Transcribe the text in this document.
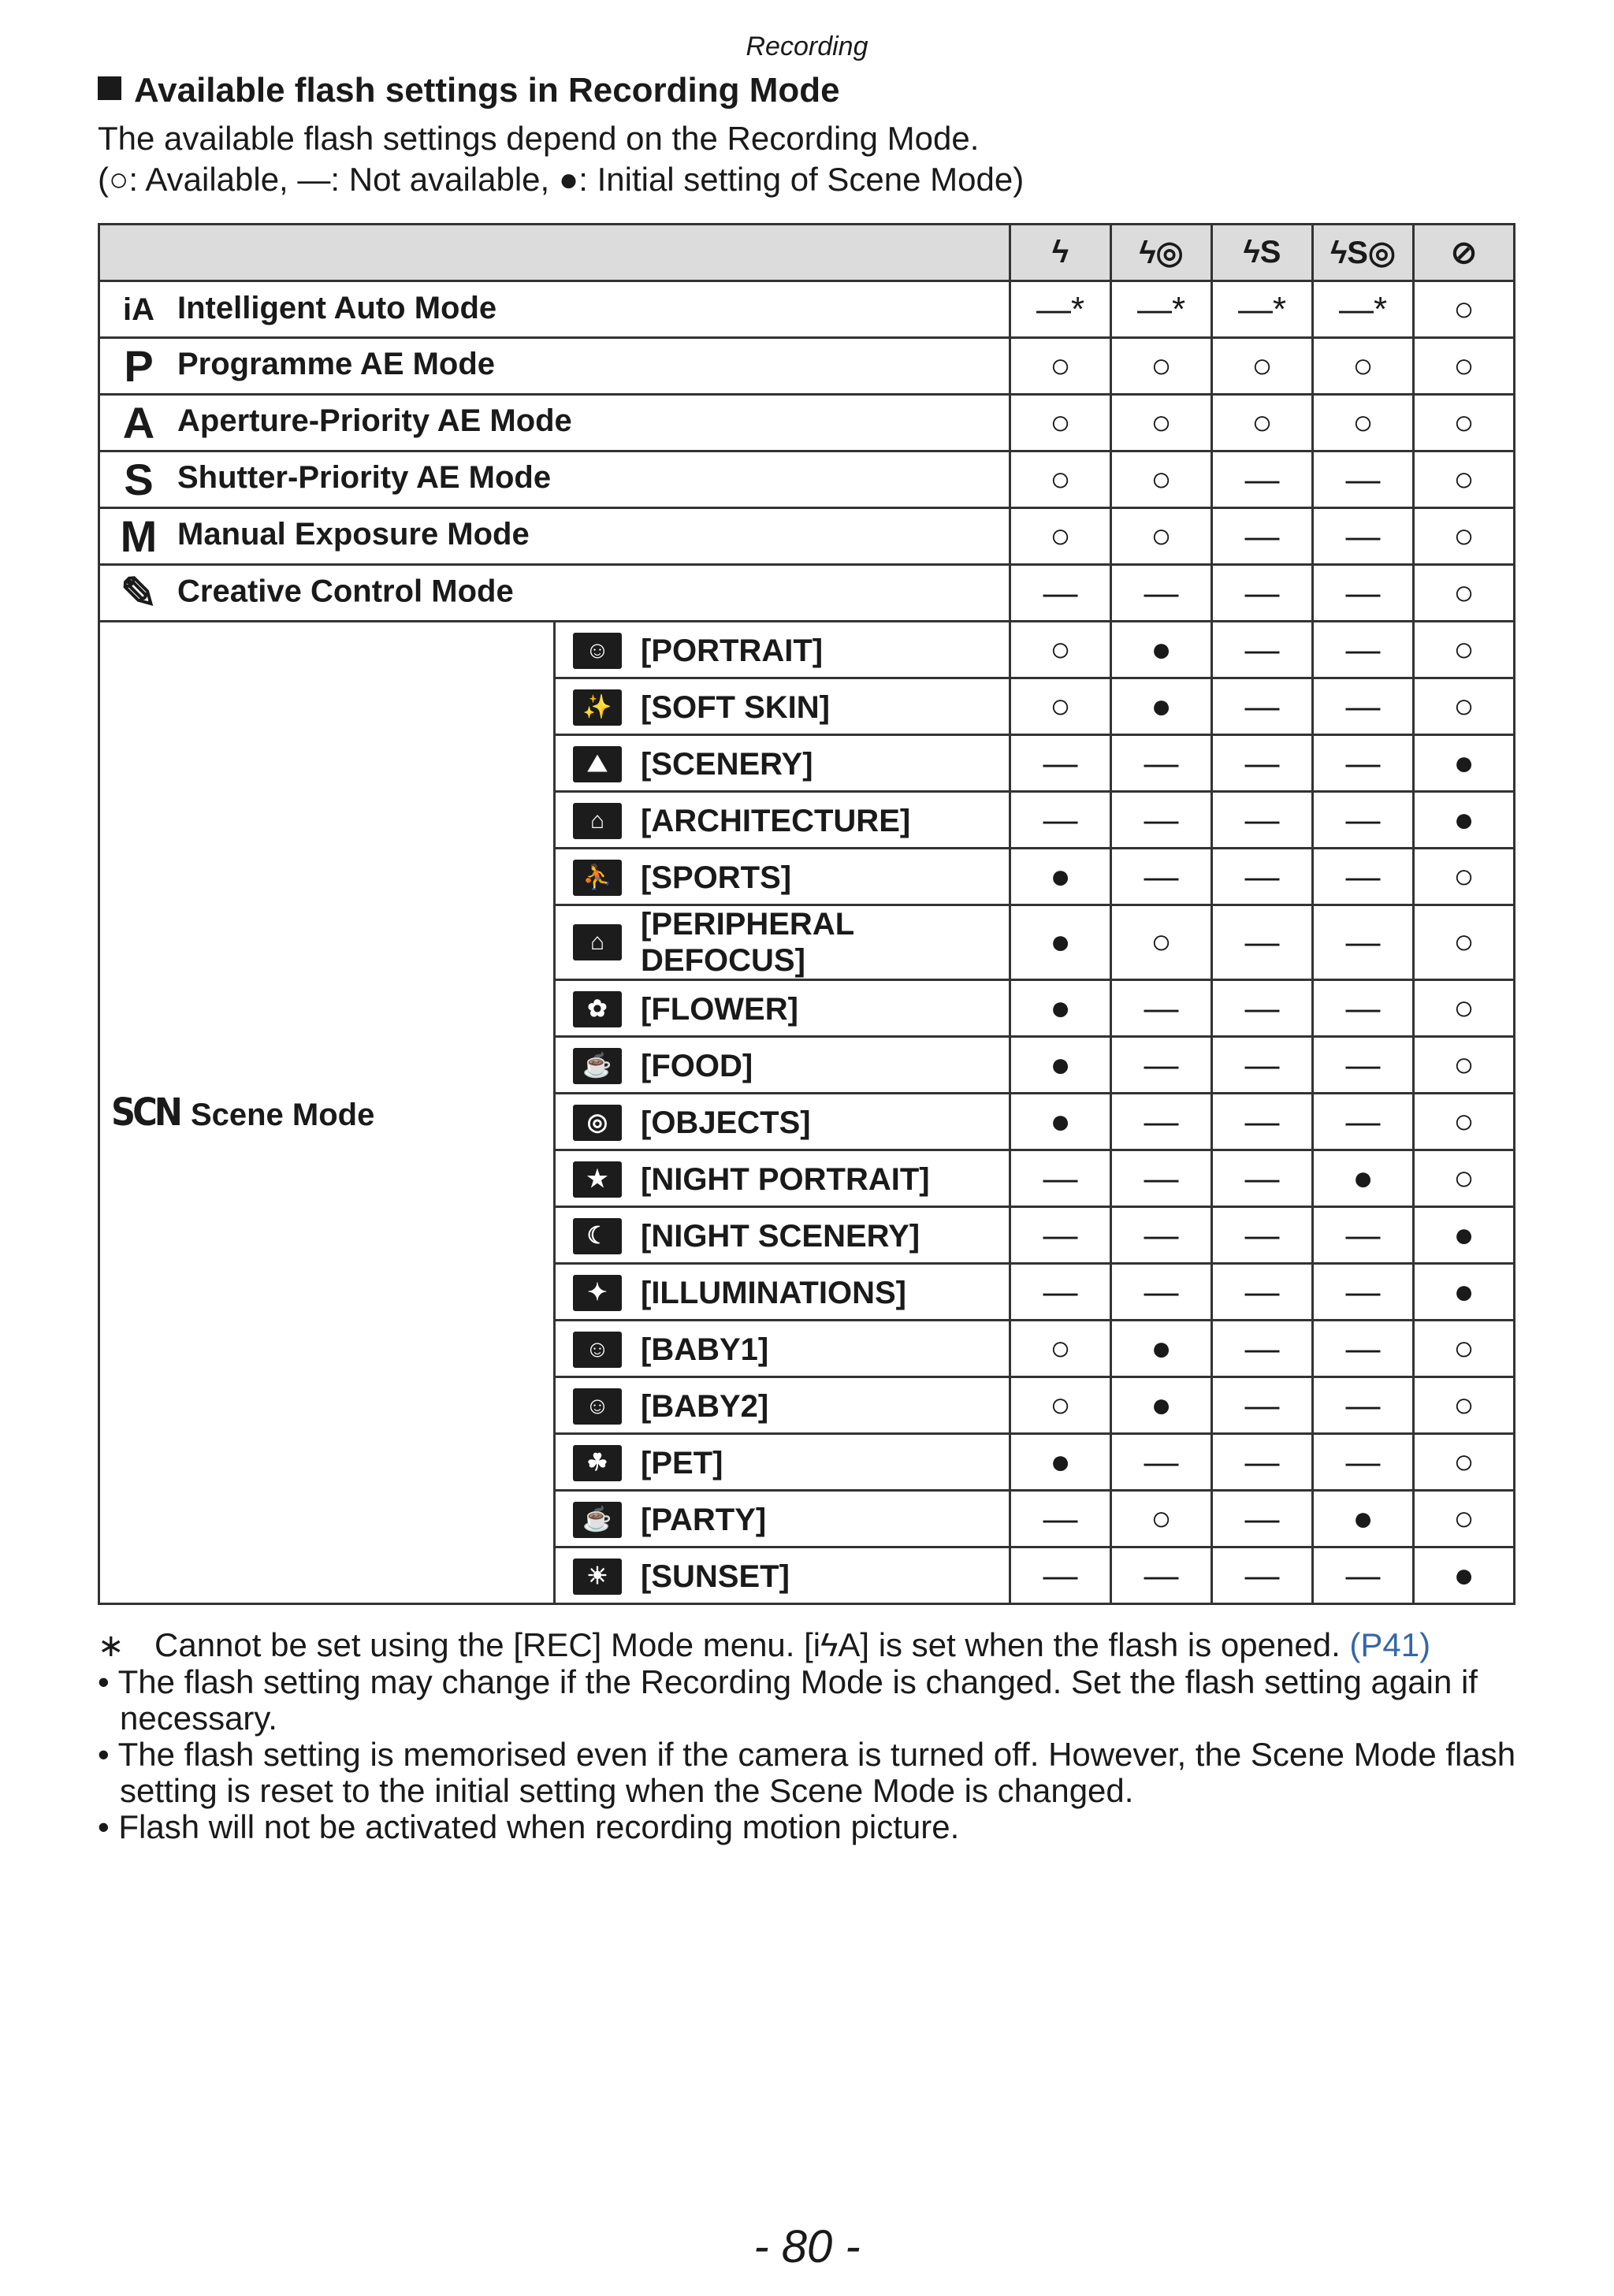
Recording
Available flash settings in Recording Mode
The available flash settings depend on the Recording Mode.
(○: Available, —: Not available, ●: Initial setting of Scene Mode)
		ϟ	ϟ◎	ϟS	ϟS◎	⊘
iA Intelligent Auto Mode		—*	—*	—*	—*	○
P Programme AE Mode		○	○	○	○	○
A Aperture-Priority AE Mode		○	○	○	○	○
S Shutter-Priority AE Mode		○	○	—	—	○
M Manual Exposure Mode		○	○	—	—	○
✎ Creative Control Mode		—	—	—	—	○
SCN Scene Mode	☺ [PORTRAIT]	○	●	—	—	○
	✨ [SOFT SKIN]	○	●	—	—	○
	⛰ [SCENERY]	—	—	—	—	●
	⌂ [ARCHITECTURE]	—	—	—	—	●
	⛹ [SPORTS]	●	—	—	—	○
	⌂[PERIPHERAL DEFOCUS]	●	○	—	—	○
	✿ [FLOWER]	●	—	—	—	○
	☕ [FOOD]	●	—	—	—	○
	◎ [OBJECTS]	●	—	—	—	○
	★ [NIGHT PORTRAIT]	—	—	—	●	○
	☾ [NIGHT SCENERY]	—	—	—	—	●
	✦ [ILLUMINATIONS]	—	—	—	—	●
	☺ [BABY1]	○	●	—	—	○
	☺ [BABY2]	○	●	—	—	○
	☘ [PET]	●	—	—	—	○
	☕ [PARTY]	—	○	—	●	○
	☀ [SUNSET]	—	—	—	—	●
∗ Cannot be set using the [REC] Mode menu. [iϟA] is set when the flash is opened. (P41)
• The flash setting may change if the Recording Mode is changed. Set the flash setting again if necessary.
• The flash setting is memorised even if the camera is turned off. However, the Scene Mode flash setting is reset to the initial setting when the Scene Mode is changed.
• Flash will not be activated when recording motion picture.
- 80 -
